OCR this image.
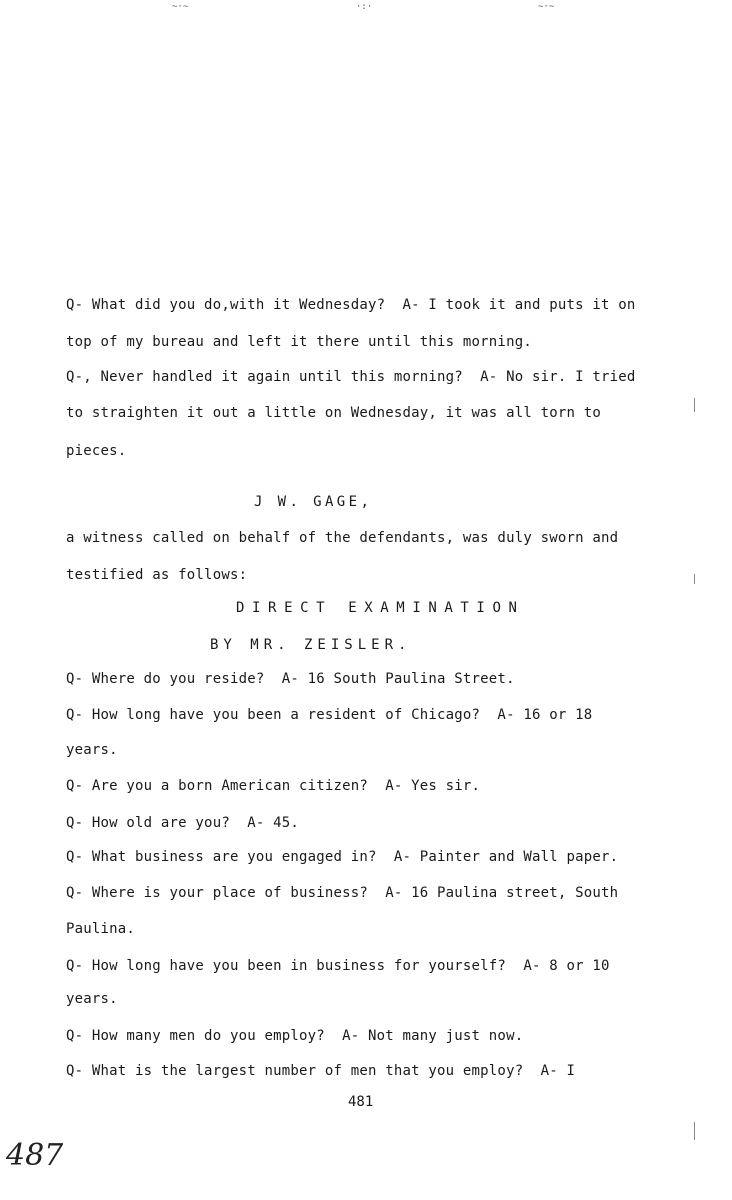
~·~	·:·	~·~
Q- What did you do,with it Wednesday?  A- I took it and puts it on
top of my bureau and left it there until this morning.
Q-, Never handled it again until this morning?  A- No sir. I tried
to straighten it out a little on Wednesday, it was all torn to
pieces.
J W. GAGE,
a witness called on behalf of the defendants, was duly sworn and
testified as follows:
DIRECT EXAMINATION
BY MR. ZEISLER.
Q- Where do you reside?  A- 16 South Paulina Street.
Q- How long have you been a resident of Chicago?  A- 16 or 18
years.
Q- Are you a born American citizen?  A- Yes sir.
Q- How old are you?  A- 45.
Q- What business are you engaged in?  A- Painter and Wall paper.
Q- Where is your place of business?  A- 16 Paulina street, South
Paulina.
Q- How long have you been in business for yourself?  A- 8 or 10
years.
Q- How many men do you employ?  A- Not many just now.
Q- What is the largest number of men that you employ?  A- I
481
487
